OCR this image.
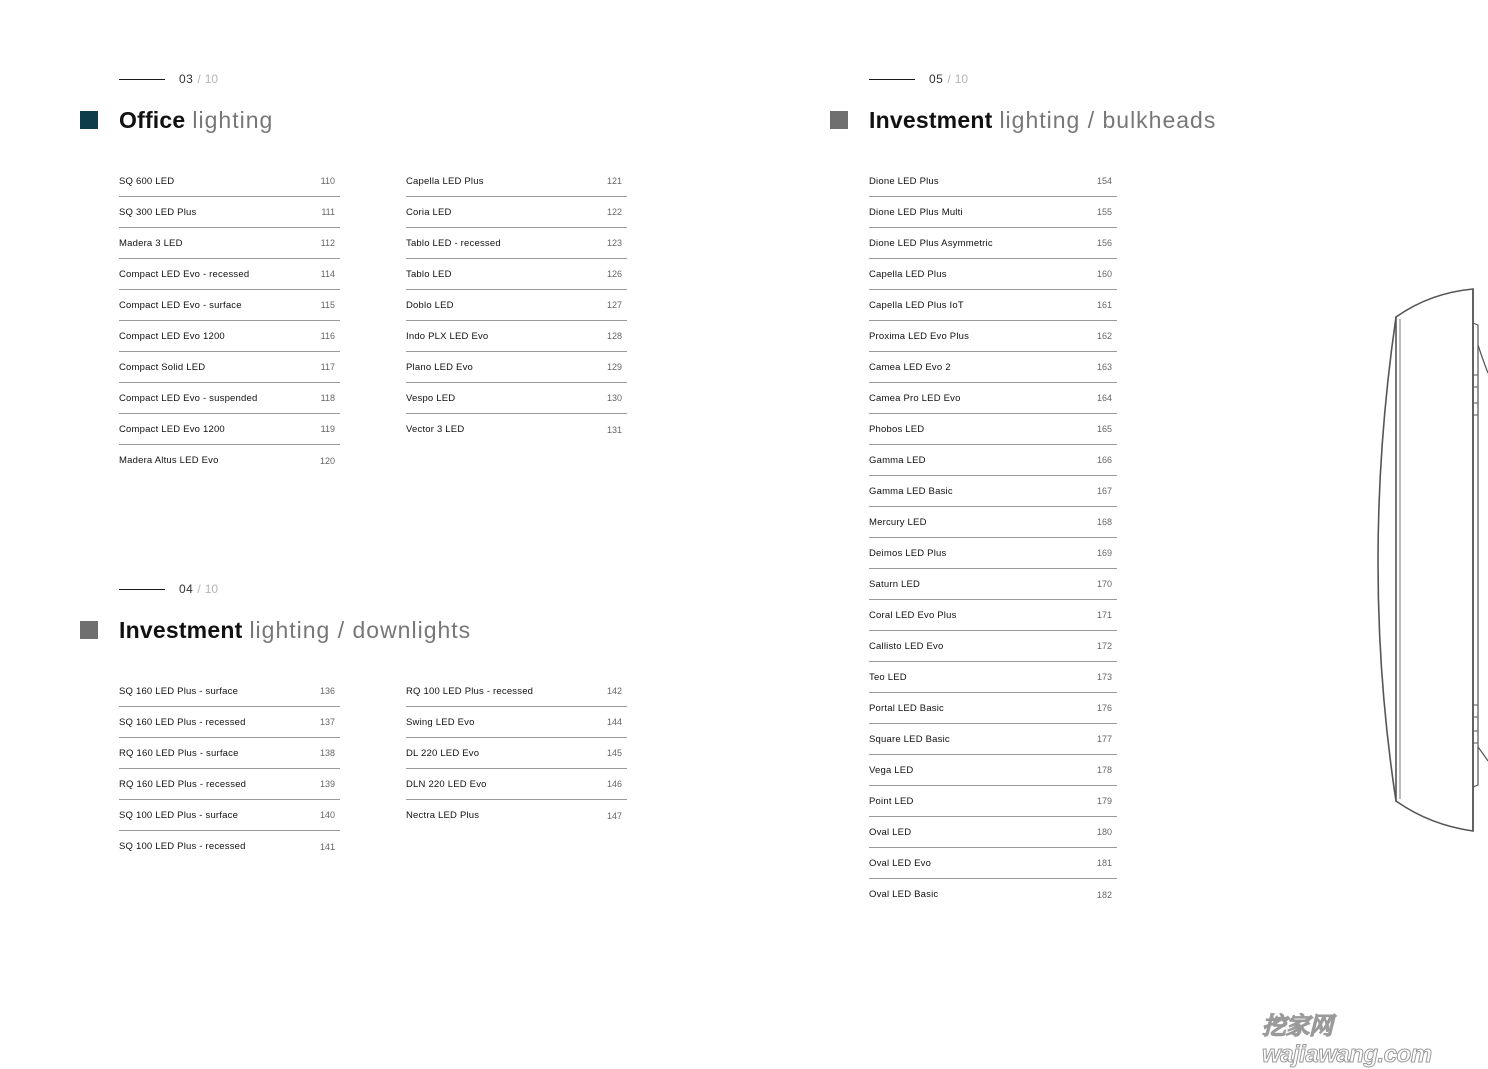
03 / 10
Office lighting
SQ 600 LED	110
SQ 300 LED Plus	111
Madera 3 LED	112
Compact LED Evo - recessed	114
Compact LED Evo - surface	115
Compact LED Evo 1200	116
Compact Solid LED	117
Compact LED Evo - suspended	118
Compact LED Evo 1200	119
Madera Altus LED Evo	120
Capella LED Plus	121
Coria LED	122
Tablo LED - recessed	123
Tablo LED	126
Doblo LED	127
Indo PLX LED Evo	128
Plano LED Evo	129
Vespo LED	130
Vector 3 LED	131
04 / 10
Investment lighting / downlights
SQ 160 LED Plus - surface	136
SQ 160 LED Plus - recessed	137
RQ 160 LED Plus - surface	138
RQ 160 LED Plus - recessed	139
SQ 100 LED Plus - surface	140
SQ 100 LED Plus - recessed	141
RQ 100 LED Plus - recessed	142
Swing LED Evo	144
DL 220 LED Evo	145
DLN 220 LED Evo	146
Nectra LED Plus	147
05 / 10
Investment lighting / bulkheads
Dione LED Plus	154
Dione LED Plus Multi	155
Dione LED Plus Asymmetric	156
Capella LED Plus	160
Capella LED Plus IoT	161
Proxima LED Evo Plus	162
Camea LED Evo 2	163
Camea Pro LED Evo	164
Phobos LED	165
Gamma LED	166
Gamma LED Basic	167
Mercury LED	168
Deimos LED Plus	169
Saturn LED	170
Coral LED Evo Plus	171
Callisto LED Evo	172
Teo LED	173
Portal LED Basic	176
Square LED Basic	177
Vega LED	178
Point LED	179
Oval LED	180
Oval LED Evo	181
Oval LED Basic	182
挖家网 wajiawang.com
